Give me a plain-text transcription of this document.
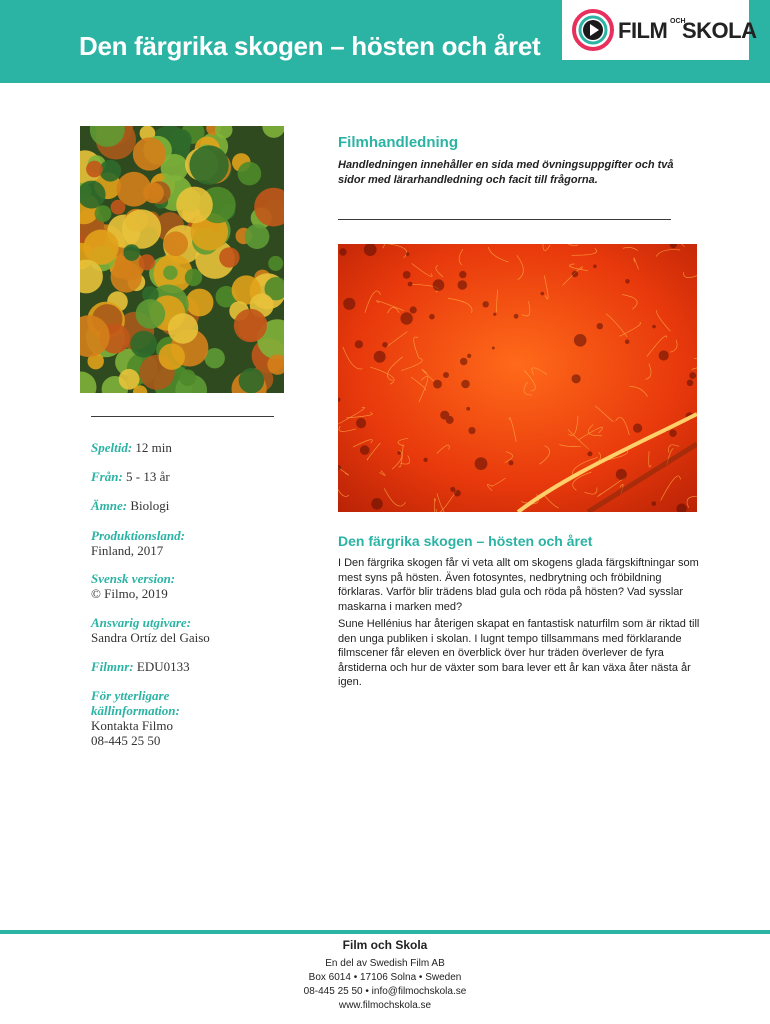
Den färgrika skogen – hösten och året
FILM OCH
SKOLA
Filmhandledning
Handledningen innehåller en sida med övningsuppgifter och två sidor med lärarhandledning och facit till frågorna.
Speltid: 12 min
Från: 5 - 13 år
Ämne: Biologi
Produktionsland:
Finland, 2017
Svensk version:
© Filmo, 2019
Ansvarig utgivare:
Sandra Ortíz del Gaiso
Filmnr: EDU0133
För ytterligare
källinformation:
Kontakta Filmo
08-445 25 50
Den färgrika skogen – hösten och året

I Den färgrika skogen får vi veta allt om skogens glada färgskiftningar som mest syns på hösten. Även fotosyntes, nedbrytning och fröbildning förklaras. Varför blir trädens blad gula och röda på hösten? Vad sysslar maskarna i marken med?

Sune Hellénius har återigen skapat en fantastisk naturfilm som är riktad till den unga publiken i skolan. I lugnt tempo tillsammans med förklarande filmscener får eleven en överblick över hur träden överlever de fyra årstiderna och hur de växter som bara lever ett år kan växa åter nästa år igen.

Film och Skola
En del av Swedish Film AB
Box 6014 • 17106 Solna • Sweden
08-445 25 50 • info@filmochskola.se
www.filmochskola.se
